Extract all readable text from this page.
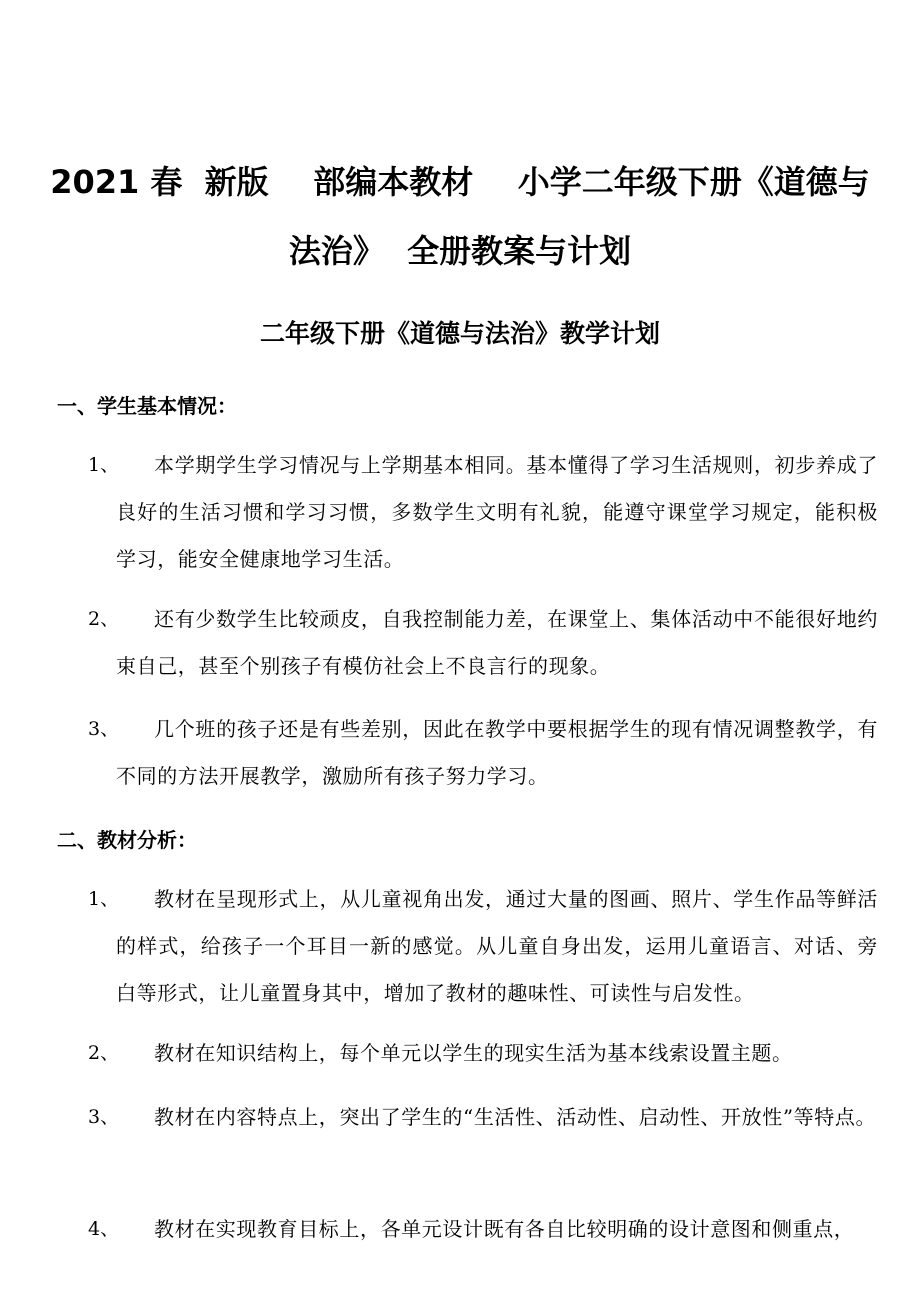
2021 春  新版    部编本教材    小学二年级下册《道德与
法治》  全册教案与计划
二年级下册《道德与法治》教学计划
一、学生基本情况：
1、	本学期学生学习情况与上学期基本相同。基本懂得了学习生活规则，初步养成了良好的生活习惯和学习习惯，多数学生文明有礼貌，能遵守课堂学习规定，能积极学习，能安全健康地学习生活。
2、	还有少数学生比较顽皮，自我控制能力差，在课堂上、集体活动中不能很好地约束自己，甚至个别孩子有模仿社会上不良言行的现象。
3、	几个班的孩子还是有些差别，因此在教学中要根据学生的现有情况调整教学，有不同的方法开展教学，激励所有孩子努力学习。
二、教材分析：
1、	教材在呈现形式上，从儿童视角出发，通过大量的图画、照片、学生作品等鲜活的样式，给孩子一个耳目一新的感觉。从儿童自身出发，运用儿童语言、对话、旁白等形式，让儿童置身其中，增加了教材的趣味性、可读性与启发性。
2、	教材在知识结构上，每个单元以学生的现实生活为基本线索设置主题。
3、	教材在内容特点上，突出了学生的“生活性、活动性、启动性、开放性”等特点。
4、	教材在实现教育目标上，各单元设计既有各自比较明确的设计意图和侧重点，
